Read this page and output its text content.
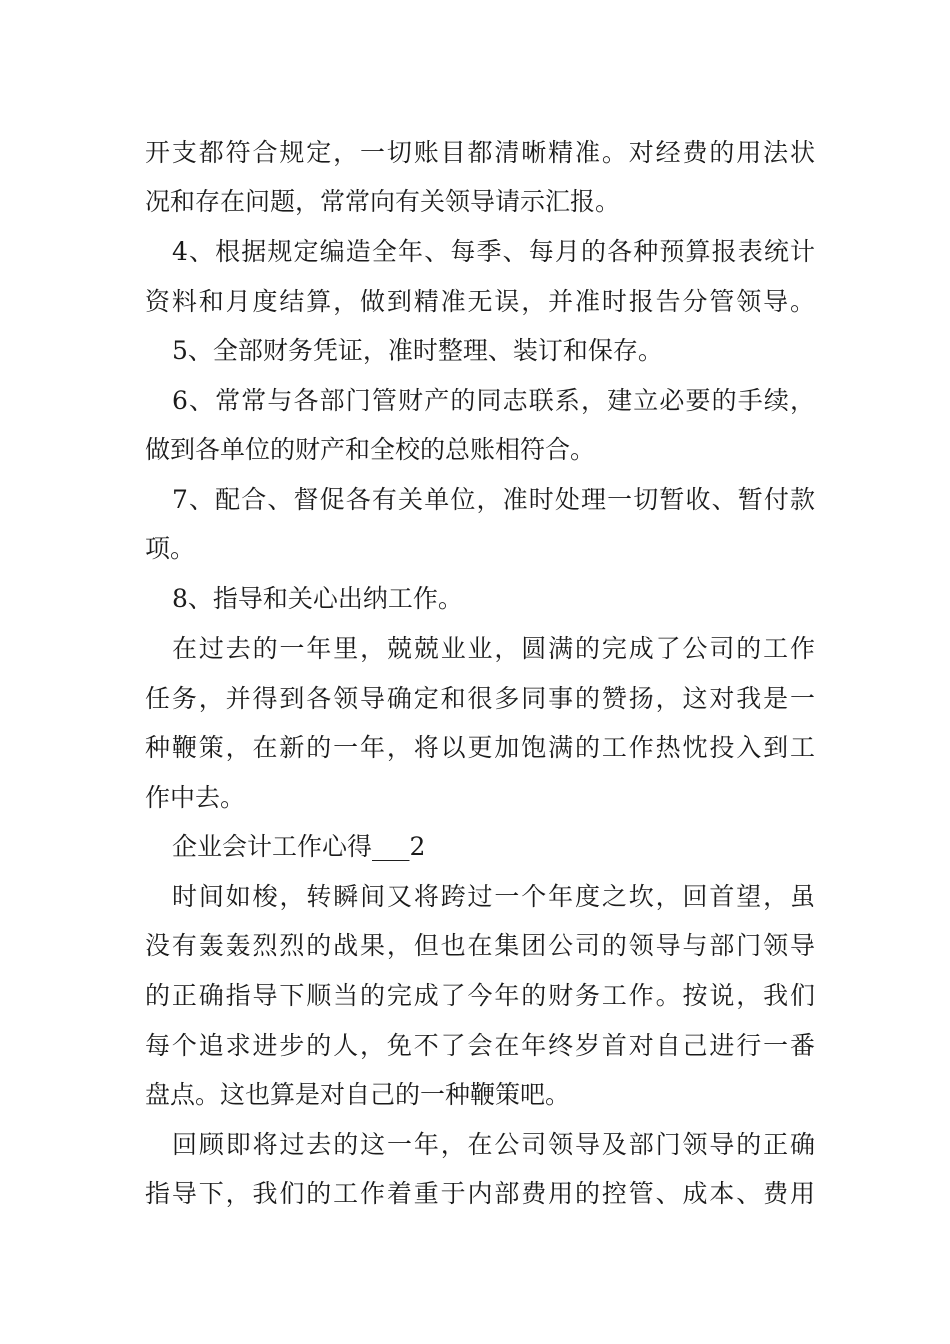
开支都符合规定，一切账目都清晰精准。对经费的用法状
况和存在问题，常常向有关领导请示汇报。
4、根据规定编造全年、每季、每月的各种预算报表统计
资料和月度结算，做到精准无误，并准时报告分管领导。
5、全部财务凭证，准时整理、装订和保存。
6、常常与各部门管财产的同志联系，建立必要的手续，
做到各单位的财产和全校的总账相符合。
7、配合、督促各有关单位，准时处理一切暂收、暂付款
项。
8、指导和关心出纳工作。
在过去的一年里，兢兢业业，圆满的完成了公司的工作
任务，并得到各领导确定和很多同事的赞扬，这对我是一
种鞭策，在新的一年，将以更加饱满的工作热忱投入到工
作中去。
企业会计工作心得___2
时间如梭，转瞬间又将跨过一个年度之坎，回首望，虽
没有轰轰烈烈的战果，但也在集团公司的领导与部门领导
的正确指导下顺当的完成了今年的财务工作。按说，我们
每个追求进步的人，免不了会在年终岁首对自己进行一番
盘点。这也算是对自己的一种鞭策吧。
回顾即将过去的这一年，在公司领导及部门领导的正确
指导下，我们的工作着重于内部费用的控管、成本、费用
